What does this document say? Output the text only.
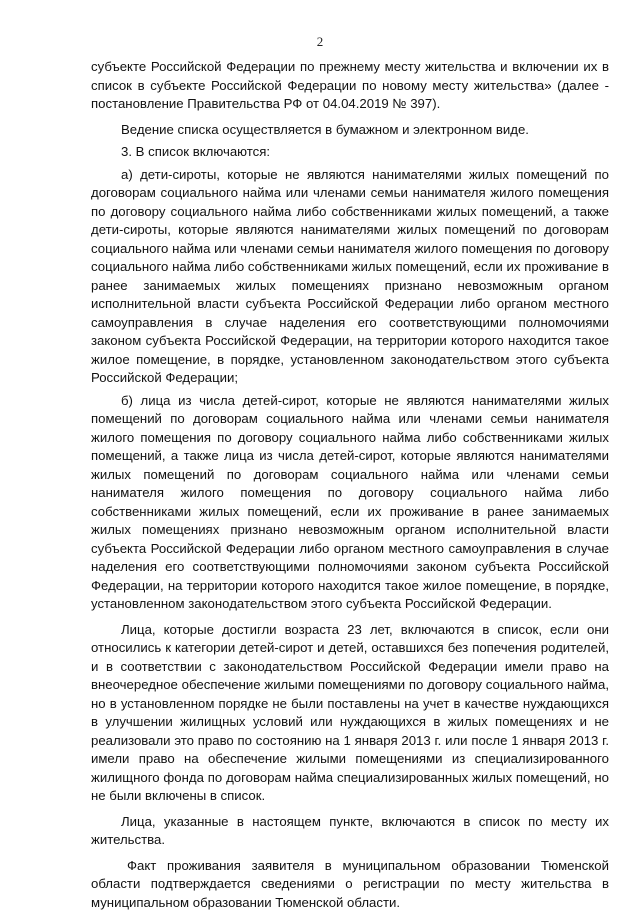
2

субъекте Российской Федерации по прежнему месту жительства и включении их в список в субъекте Российской Федерации по новому месту жительства» (далее - постановление Правительства РФ от 04.04.2019 № 397).

Ведение списка осуществляется в бумажном и электронном виде.

3. В список включаются:

а) дети-сироты, которые не являются нанимателями жилых помещений по договорам социального найма или членами семьи нанимателя жилого помещения по договору социального найма либо собственниками жилых помещений, а также дети-сироты, которые являются нанимателями жилых помещений по договорам социального найма или членами семьи нанимателя жилого помещения по договору социального найма либо собственниками жилых помещений, если их проживание в ранее занимаемых жилых помещениях признано невозможным органом исполнительной власти субъекта Российской Федерации либо органом местного самоуправления в случае наделения его соответствующими полномочиями законом субъекта Российской Федерации, на территории которого находится такое жилое помещение, в порядке, установленном законодательством этого субъекта Российской Федерации;

б) лица из числа детей-сирот, которые не являются нанимателями жилых помещений по договорам социального найма или членами семьи нанимателя жилого помещения по договору социального найма либо собственниками жилых помещений, а также лица из числа детей-сирот, которые являются нанимателями жилых помещений по договорам социального найма или членами семьи нанимателя жилого помещения по договору социального найма либо собственниками жилых помещений, если их проживание в ранее занимаемых жилых помещениях признано невозможным органом исполнительной власти субъекта Российской Федерации либо органом местного самоуправления в случае наделения его соответствующими полномочиями законом субъекта Российской Федерации, на территории которого находится такое жилое помещение, в порядке, установленном законодательством этого субъекта Российской Федерации.

Лица, которые достигли возраста 23 лет, включаются в список, если они относились к категории детей-сирот и детей, оставшихся без попечения родителей, и в соответствии с законодательством Российской Федерации имели право на внеочередное обеспечение жилыми помещениями по договору социального найма, но в установленном порядке не были поставлены на учет в качестве нуждающихся в улучшении жилищных условий или нуждающихся в жилых помещениях и не реализовали это право по состоянию на 1 января 2013 г. или после 1 января 2013 г. имели право на обеспечение жилыми помещениями из специализированного жилищного фонда по договорам найма специализированных жилых помещений, но не были включены в список.

Лица, указанные в настоящем пункте, включаются в список по месту их жительства.

Факт проживания заявителя в муниципальном образовании Тюменской области подтверждается сведениями о регистрации по месту жительства в муниципальном образовании Тюменской области.
